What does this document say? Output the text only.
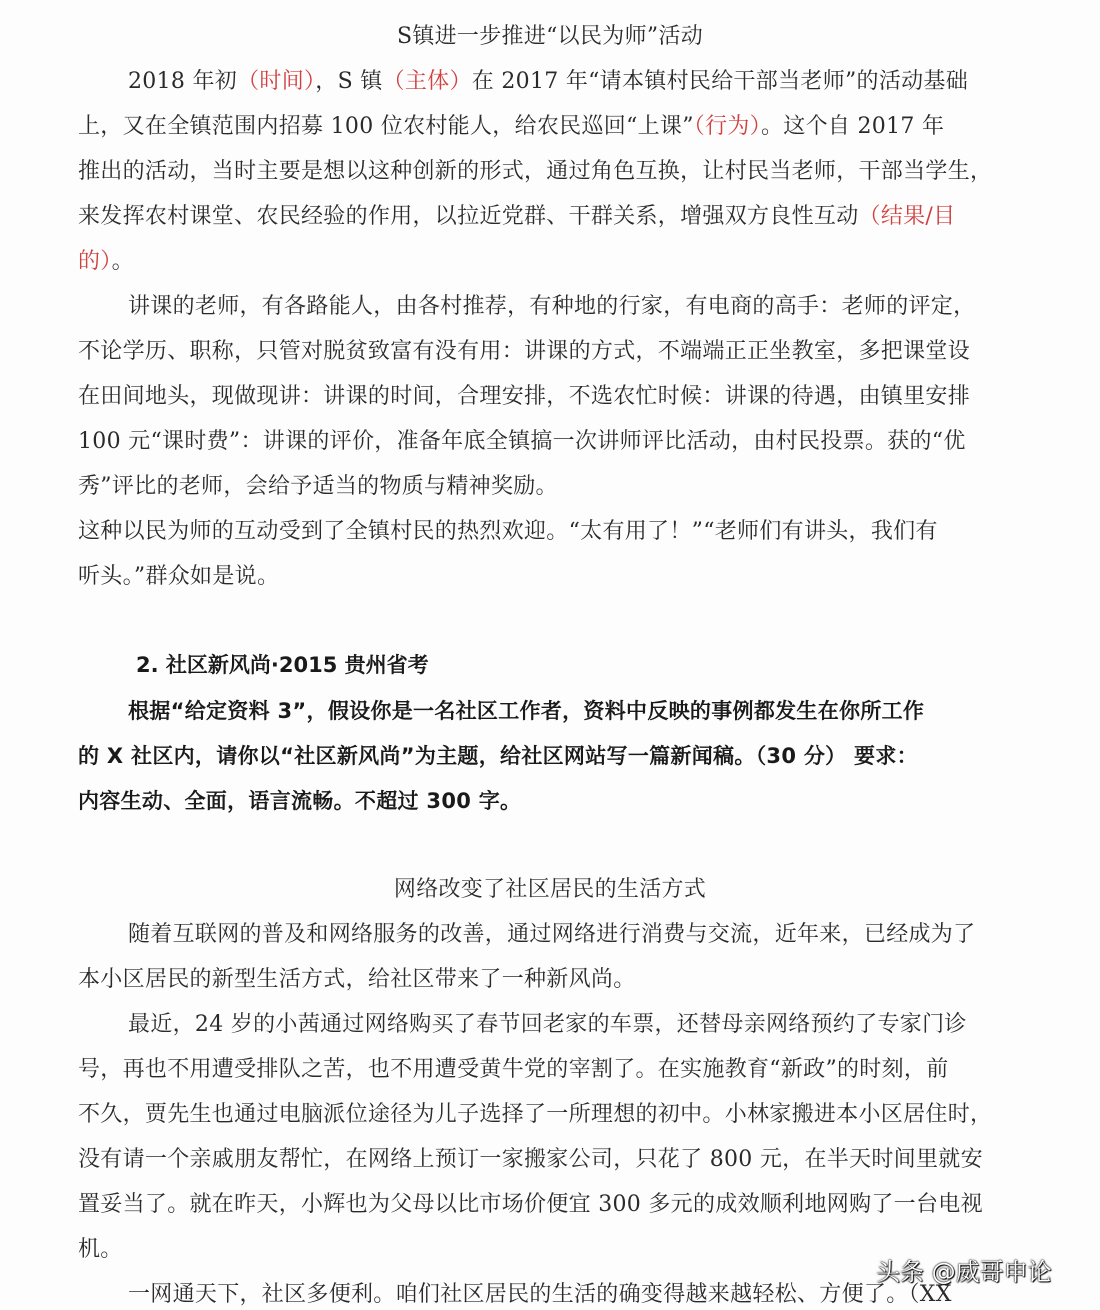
S镇进一步推进“以民为师”活动
2018 年初（时间），S 镇（主体）在 2017 年“请本镇村民给干部当老师”的活动基础
上，又在全镇范围内招募 100 位农村能人，给农民巡回“上课”（行为）。这个自 2017 年
推出的活动，当时主要是想以这种创新的形式，通过角色互换，让村民当老师，干部当学生，
来发挥农村课堂、农民经验的作用，以拉近党群、干群关系，增强双方良性互动（结果/目
的）。
讲课的老师，有各路能人，由各村推荐，有种地的行家，有电商的高手：老师的评定，
不论学历、职称，只管对脱贫致富有没有用：讲课的方式，不端端正正坐教室，多把课堂设
在田间地头，现做现讲：讲课的时间，合理安排，不选农忙时候：讲课的待遇，由镇里安排
100 元“课时费”：讲课的评价，准备年底全镇搞一次讲师评比活动，由村民投票。获的“优
秀”评比的老师，会给予适当的物质与精神奖励。
这种以民为师的互动受到了全镇村民的热烈欢迎。“太有用了！”“老师们有讲头，我们有
听头。”群众如是说。
2. 社区新风尚·2015 贵州省考
根据“给定资料 3”，假设你是一名社区工作者，资料中反映的事例都发生在你所工作
的 X 社区内，请你以“社区新风尚”为主题，给社区网站写一篇新闻稿。（30 分） 要求：
内容生动、全面，语言流畅。不超过 300 字。
网络改变了社区居民的生活方式
随着互联网的普及和网络服务的改善，通过网络进行消费与交流，近年来，已经成为了
本小区居民的新型生活方式，给社区带来了一种新风尚。
最近，24 岁的小茜通过网络购买了春节回老家的车票，还替母亲网络预约了专家门诊
号，再也不用遭受排队之苦，也不用遭受黄牛党的宰割了。在实施教育“新政”的时刻，前
不久，贾先生也通过电脑派位途径为儿子选择了一所理想的初中。小林家搬进本小区居住时，
没有请一个亲戚朋友帮忙，在网络上预订一家搬家公司，只花了 800 元，在半天时间里就安
置妥当了。就在昨天，小辉也为父母以比市场价便宜 300 多元的成效顺利地网购了一台电视
机。
一网通天下，社区多便利。咱们社区居民的生活的确变得越来越轻松、方便了。（XX
头条 @威哥申论
